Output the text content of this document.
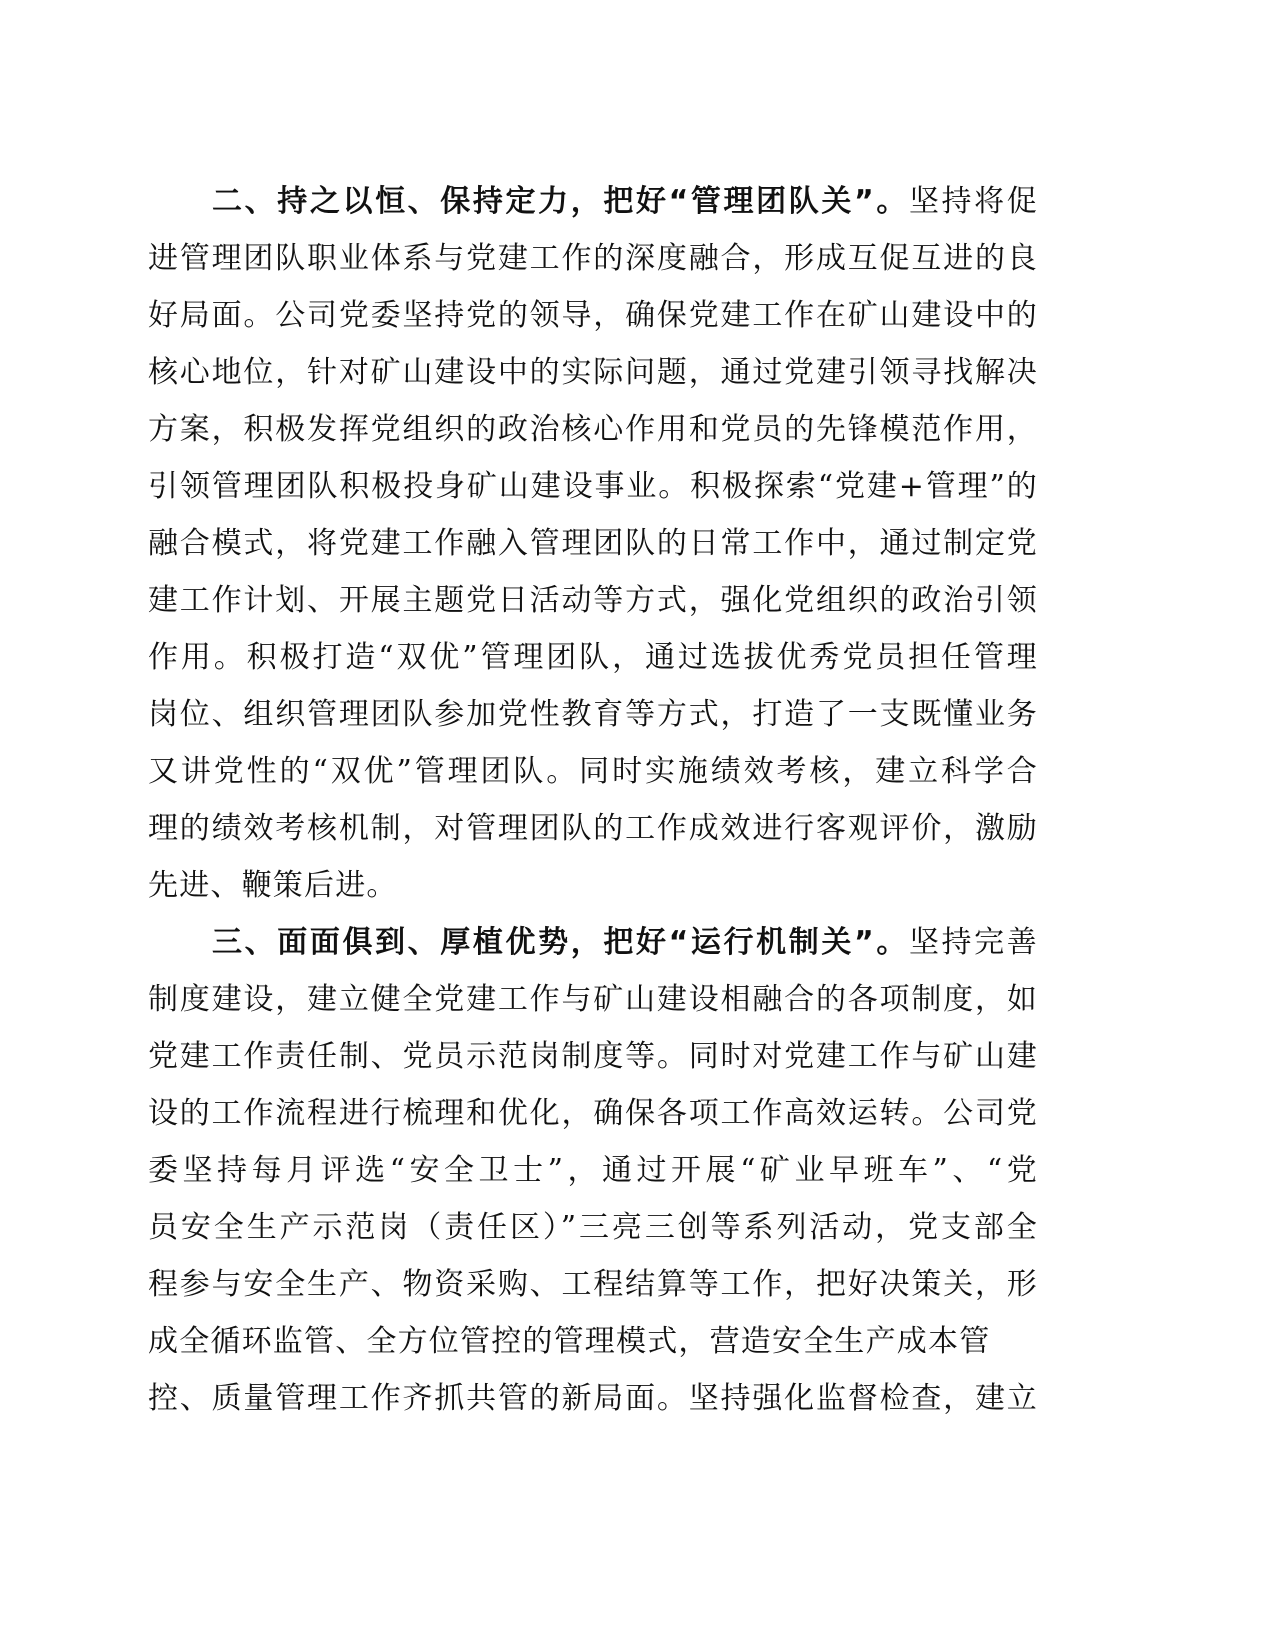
二、持之以恒、保持定力，把好“管理团队关”。坚持将促
进管理团队职业体系与党建工作的深度融合，形成互促互进的良
好局面。公司党委坚持党的领导，确保党建工作在矿山建设中的
核心地位，针对矿山建设中的实际问题，通过党建引领寻找解决
方案，积极发挥党组织的政治核心作用和党员的先锋模范作用，
引领管理团队积极投身矿山建设事业。积极探索“党建+管理”的
融合模式，将党建工作融入管理团队的日常工作中，通过制定党
建工作计划、开展主题党日活动等方式，强化党组织的政治引领
作用。积极打造“双优”管理团队，通过选拔优秀党员担任管理
岗位、组织管理团队参加党性教育等方式，打造了一支既懂业务
又讲党性的“双优”管理团队。同时实施绩效考核，建立科学合
理的绩效考核机制，对管理团队的工作成效进行客观评价，激励
先进、鞭策后进。
三、面面俱到、厚植优势，把好“运行机制关”。坚持完善
制度建设，建立健全党建工作与矿山建设相融合的各项制度，如
党建工作责任制、党员示范岗制度等。同时对党建工作与矿山建
设的工作流程进行梳理和优化，确保各项工作高效运转。公司党
委坚持每月评选“安全卫士”，通过开展“矿业早班车”、“党
员安全生产示范岗（责任区）”三亮三创等系列活动，党支部全
程参与安全生产、物资采购、工程结算等工作，把好决策关，形
成全循环监管、全方位管控的管理模式，营造安全生产成本管
控、质量管理工作齐抓共管的新局面。坚持强化监督检查，建立
